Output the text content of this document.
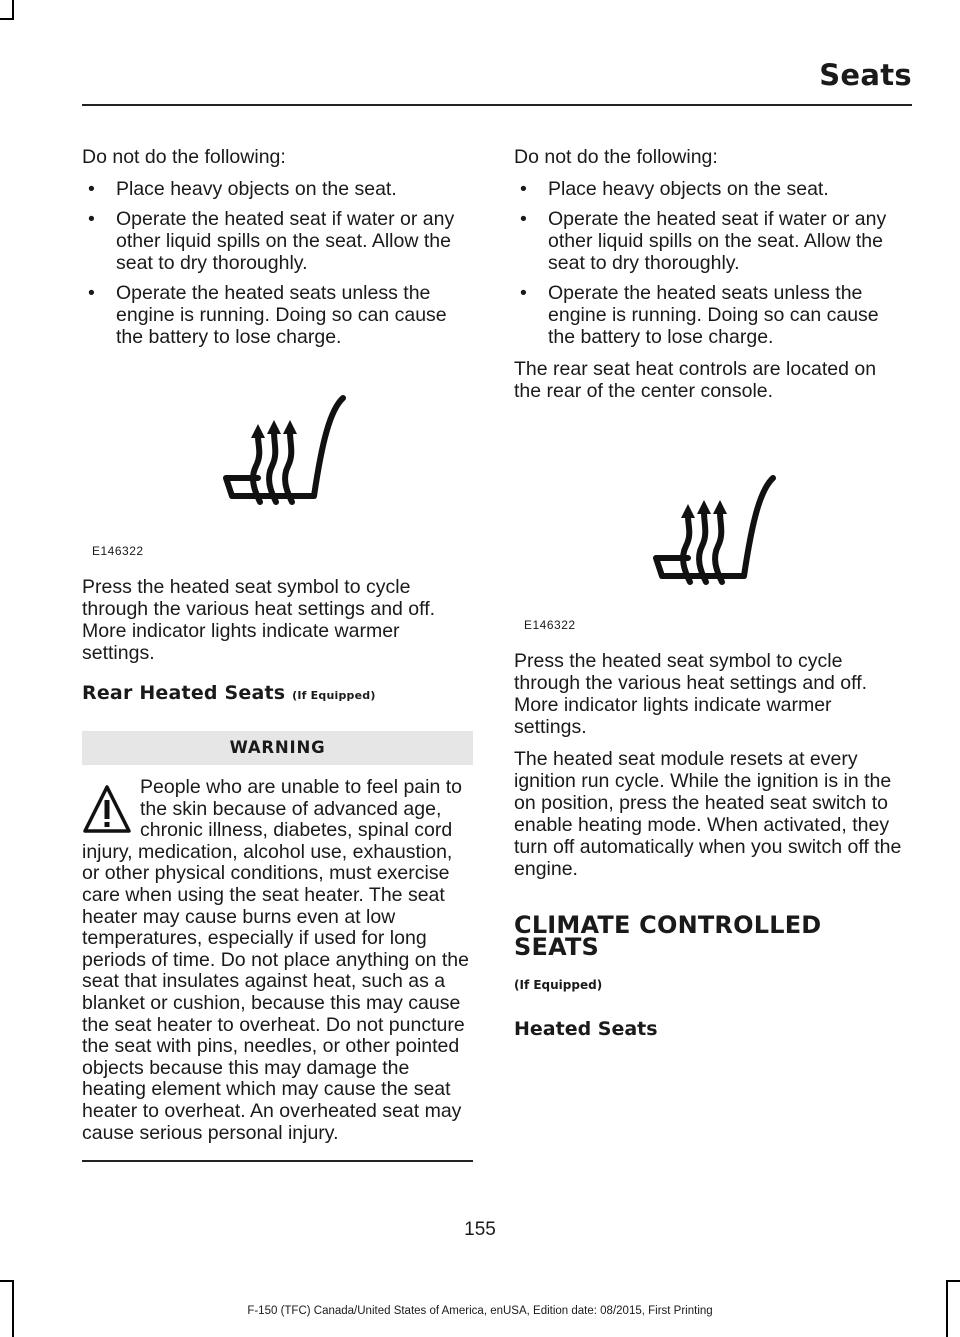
Seats

Do not do the following:

• Place heavy objects on the seat.
• Operate the heated seat if water or any other liquid spills on the seat. Allow the seat to dry thoroughly.
• Operate the heated seats unless the engine is running. Doing so can cause the battery to lose charge.
E146322

Press the heated seat symbol to cycle through the various heat settings and off. More indicator lights indicate warmer settings.

Rear Heated Seats (If Equipped)
WARNING
People who are unable to feel pain to the skin because of advanced age, chronic illness, diabetes, spinal cord injury, medication, alcohol use, exhaustion, or other physical conditions, must exercise care when using the seat heater. The seat heater may cause burns even at low temperatures, especially if used for long periods of time. Do not place anything on the seat that insulates against heat, such as a blanket or cushion, because this may cause the seat heater to overheat. Do not puncture the seat with pins, needles, or other pointed objects because this may damage the heating element which may cause the seat heater to overheat. An overheated seat may cause serious personal injury.

Do not do the following:

• Place heavy objects on the seat.
• Operate the heated seat if water or any other liquid spills on the seat. Allow the seat to dry thoroughly.
• Operate the heated seats unless the engine is running. Doing so can cause the battery to lose charge.

The rear seat heat controls are located on the rear of the center console.

E146322

Press the heated seat symbol to cycle through the various heat settings and off. More indicator lights indicate warmer settings.

The heated seat module resets at every ignition run cycle. While the ignition is in the on position, press the heated seat switch to enable heating mode. When activated, they turn off automatically when you switch off the engine.

CLIMATE CONTROLLED SEATS
(If Equipped)
Heated Seats
155
F-150 (TFC) Canada/United States of America, enUSA, Edition date: 08/2015, First Printing
